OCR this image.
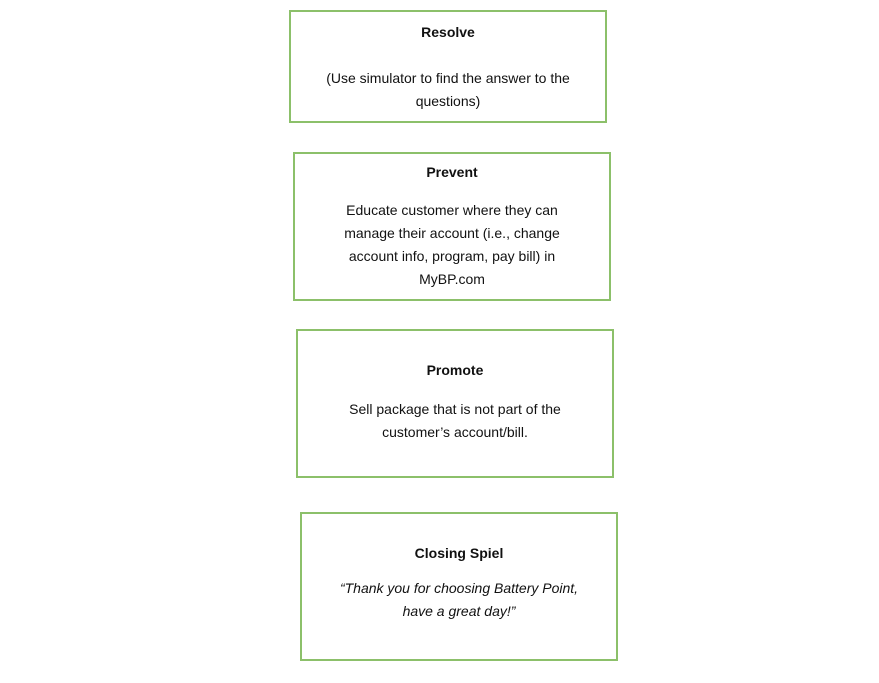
Resolve

(Use simulator to find the answer to the
questions)

Prevent

Educate customer where they can
manage their account (i.e., change
account info, program, pay bill) in
MyBP.com

Promote

Sell package that is not part of the
customer’s account/bill.

Closing Spiel

“Thank you for choosing Battery Point,
have a great day!”
